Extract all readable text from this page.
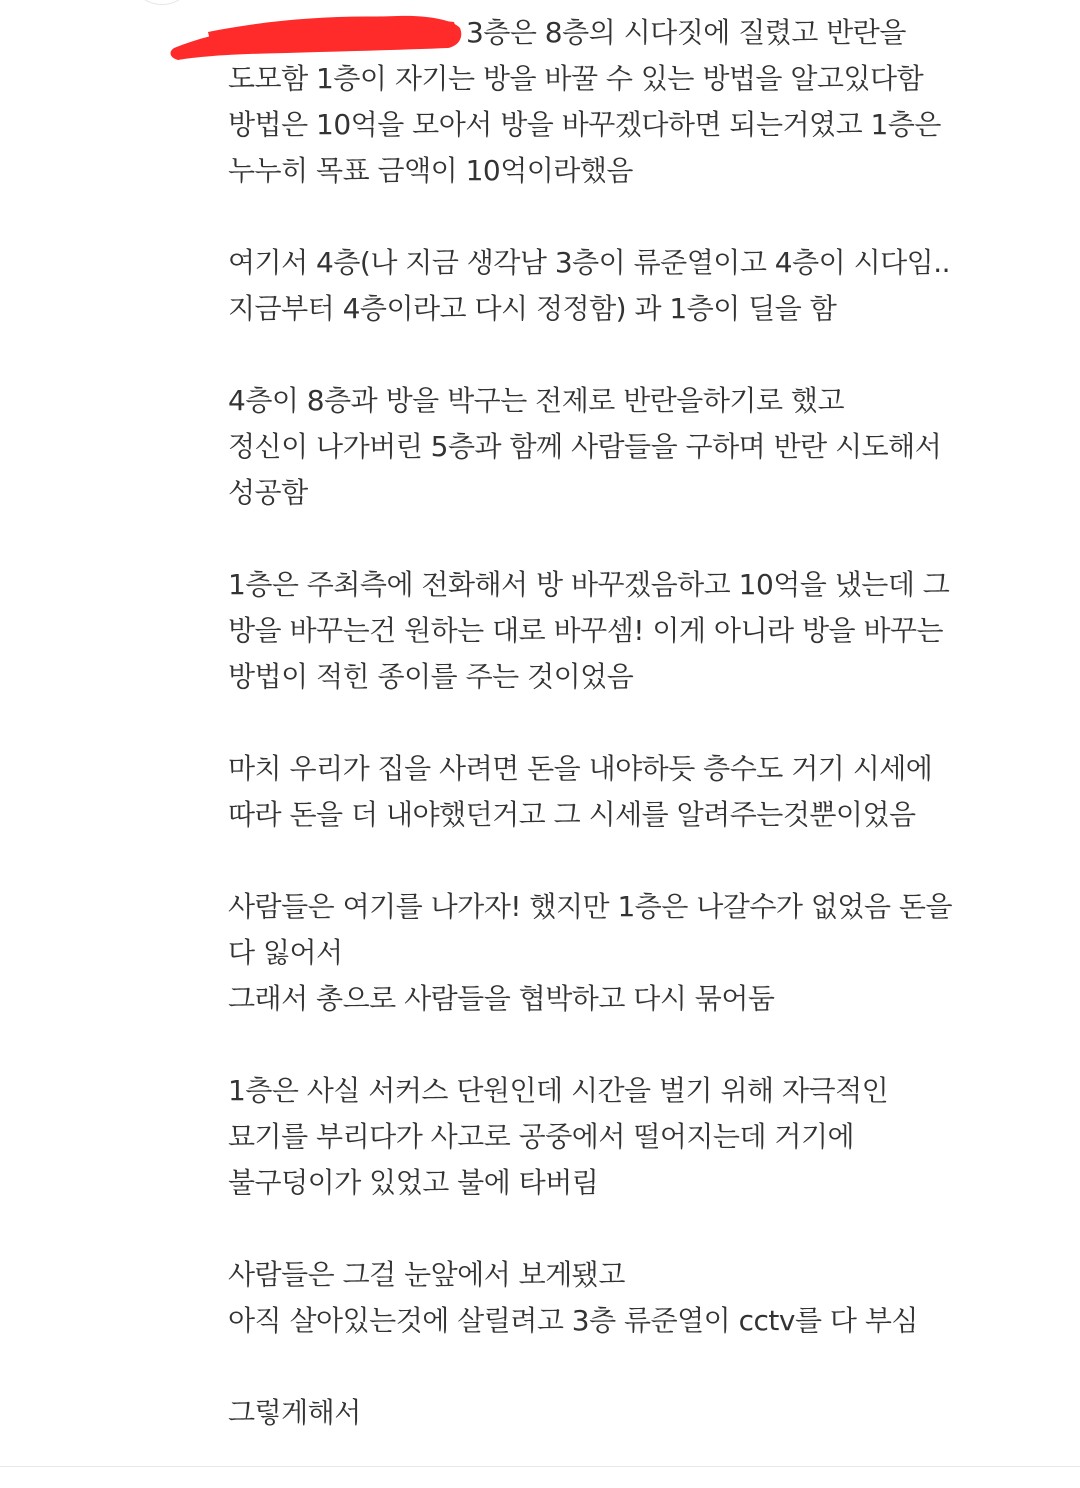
3층은 8층의 시다짓에 질렸고 반란을
도모함 1층이 자기는 방을 바꿀 수 있는 방법을 알고있다함
방법은 10억을 모아서 방을 바꾸겠다하면 되는거였고 1층은
누누히 목표 금액이 10억이라했음
여기서 4층(나 지금 생각남 3층이 류준열이고 4층이 시다임..
지금부터 4층이라고 다시 정정함) 과 1층이 딜을 함
4층이 8층과 방을 박구는 전제로 반란을하기로 했고
정신이 나가버린 5층과 함께 사람들을 구하며 반란 시도해서
성공함
1층은 주최측에 전화해서 방 바꾸겠음하고 10억을 냈는데 그
방을 바꾸는건 원하는 대로 바꾸셈! 이게 아니라 방을 바꾸는
방법이 적힌 종이를 주는 것이었음
마치 우리가 집을 사려면 돈을 내야하듯 층수도 거기 시세에
따라 돈을 더 내야했던거고 그 시세를 알려주는것뿐이었음
사람들은 여기를 나가자! 했지만 1층은 나갈수가 없었음 돈을
다 잃어서
그래서 총으로 사람들을 협박하고 다시 묶어둠
1층은 사실 서커스 단원인데 시간을 벌기 위해 자극적인
묘기를 부리다가 사고로 공중에서 떨어지는데 거기에
불구덩이가 있었고 불에 타버림
사람들은 그걸 눈앞에서 보게됐고
아직 살아있는것에 살릴려고 3층 류준열이 cctv를 다 부심
그렇게해서
